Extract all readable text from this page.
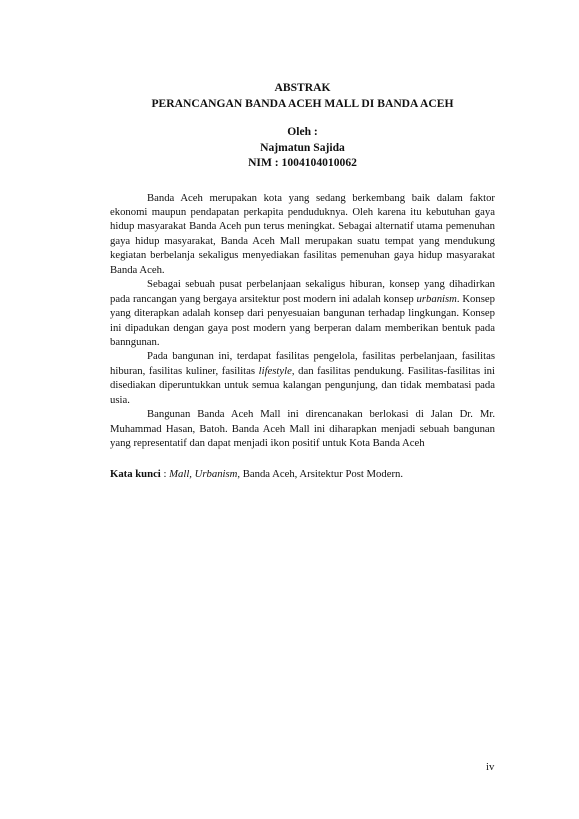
ABSTRAK
PERANCANGAN BANDA ACEH MALL DI BANDA ACEH
Oleh :
Najmatun Sajida
NIM : 1004104010062

Banda Aceh merupakan kota yang sedang berkembang baik dalam faktor ekonomi maupun pendapatan perkapita penduduknya. Oleh karena itu kebutuhan gaya hidup masyarakat Banda Aceh pun terus meningkat. Sebagai alternatif utama pemenuhan gaya hidup masyarakat, Banda Aceh Mall merupakan suatu tempat yang mendukung kegiatan berbelanja sekaligus menyediakan fasilitas pemenuhan gaya hidup masyarakat Banda Aceh.

Sebagai sebuah pusat perbelanjaan sekaligus hiburan, konsep yang dihadirkan pada rancangan yang bergaya arsitektur post modern ini adalah konsep urbanism. Konsep yang diterapkan adalah konsep dari penyesuaian bangunan terhadap lingkungan. Konsep ini dipadukan dengan gaya post modern yang berperan dalam memberikan bentuk pada banngunan.

Pada bangunan ini, terdapat fasilitas pengelola, fasilitas perbelanjaan, fasilitas hiburan, fasilitas kuliner, fasilitas lifestyle, dan fasilitas pendukung. Fasilitas-fasilitas ini disediakan diperuntukkan untuk semua kalangan pengunjung, dan tidak membatasi pada usia.

Bangunan Banda Aceh Mall ini direncanakan berlokasi di Jalan Dr. Mr. Muhammad Hasan, Batoh. Banda Aceh Mall ini diharapkan menjadi sebuah bangunan yang representatif dan dapat menjadi ikon positif untuk Kota Banda Aceh

Kata kunci : Mall, Urbanism, Banda Aceh, Arsitektur Post Modern.
iv
